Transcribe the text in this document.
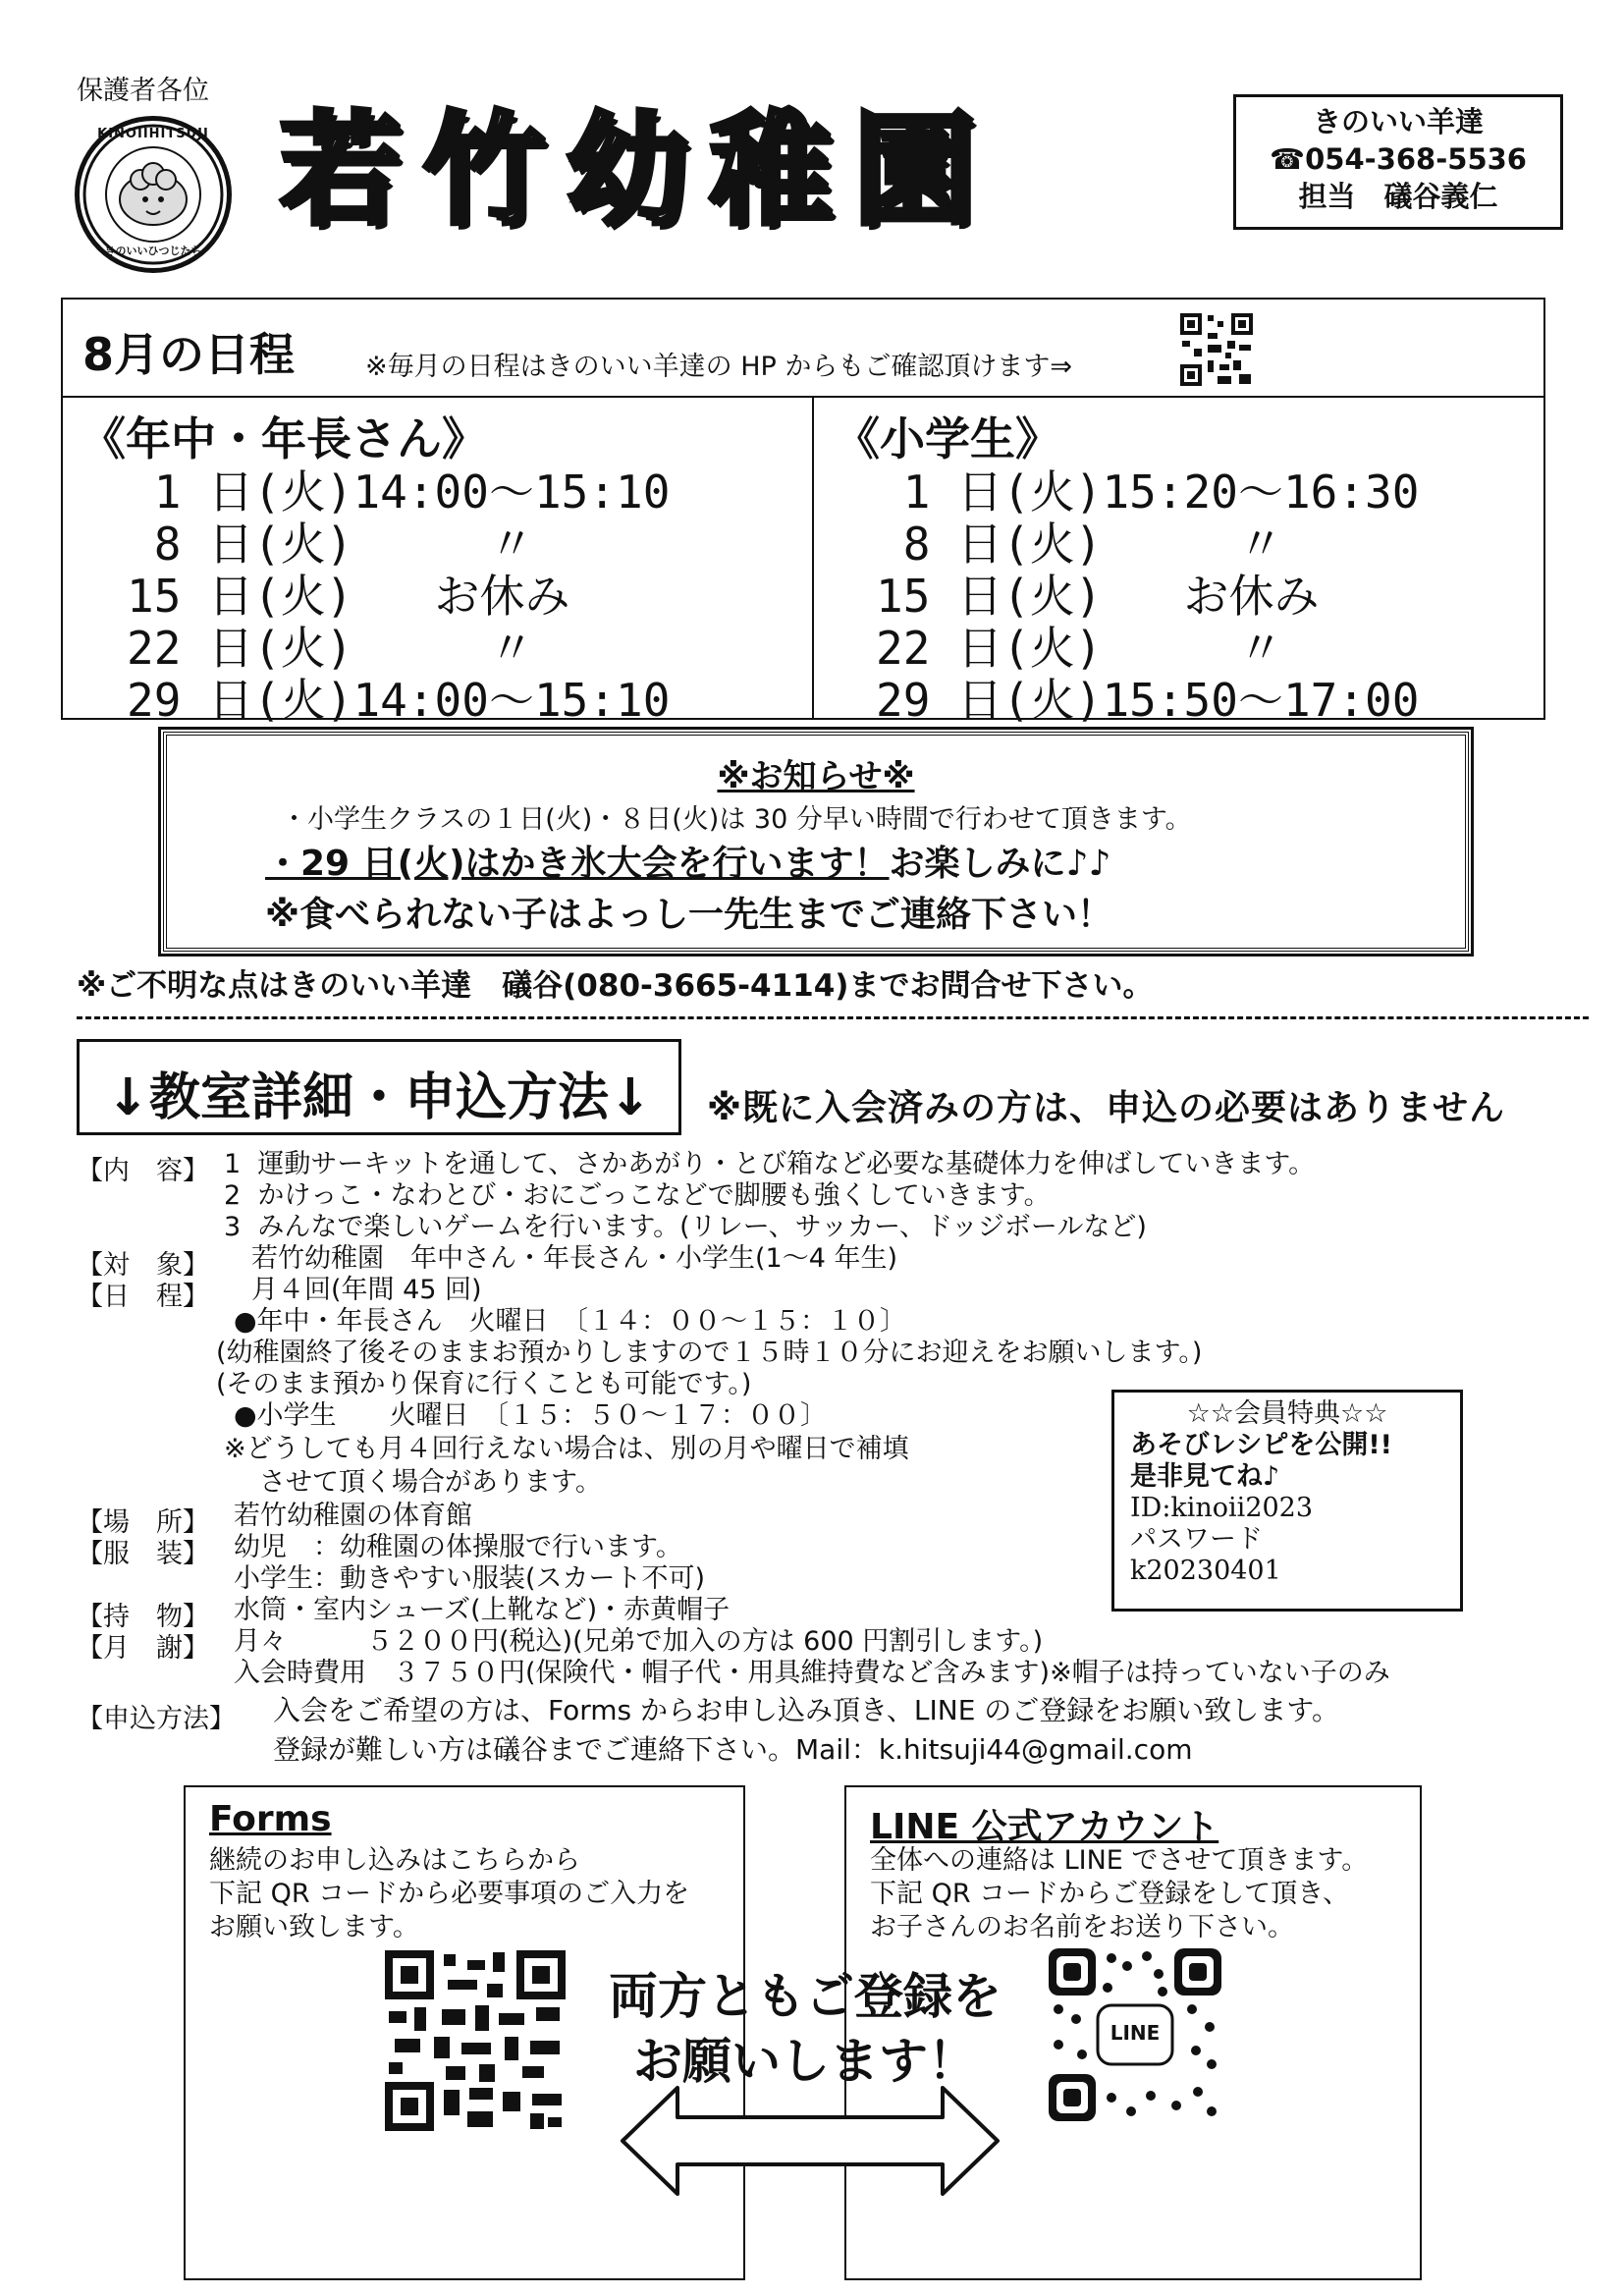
保護者各位
KINOIIHITSUJI
きのいいひつじたち
若竹幼稚園	きのいい羊達
☎054-368-5536
担当　礒谷義仁
8月の日程	※毎月の日程はきのいい羊達の HP からもご確認頂けます⇒
《年中・年長さん》
1 日(火)14:00～15:10
8 日(火)     〃
15 日(火)   お休み
22 日(火)     〃
29 日(火)14:00～15:10
《小学生》
1 日(火)15:20～16:30
8 日(火)     〃
15 日(火)   お休み
22 日(火)     〃
29 日(火)15:50～17:00
※お知らせ※
・小学生クラスの１日(火)・８日(火)は 30 分早い時間で行わせて頂きます。
・29 日(火)はかき氷大会を行います！お楽しみに♪♪
※食べられない子はよっし一先生までご連絡下さい！
※ご不明な点はきのいい羊達　礒谷(080-3665-4114)までお問合せ下さい。
↓教室詳細・申込方法↓	※既に入会済みの方は、申込の必要はありません
【内　容】 1  運動サーキットを通して、さかあがり・とび箱など必要な基礎体力を伸ばしていきます。
2  かけっこ・なわとび・おにごっこなどで脚腰も強くしていきます。
3  みんなで楽しいゲームを行います。(リレー、サッカー、ドッジボールなど)
【対　象】 若竹幼稚園　年中さん・年長さん・小学生(1～4 年生)
【日　程】 月４回(年間 45 回)
●年中・年長さん　火曜日　〔１４：００～１５：１０〕
(幼稚園終了後そのままお預かりしますので１５時１０分にお迎えをお願いします。)
(そのまま預かり保育に行くことも可能です。)
●小学生　　火曜日　〔１５：５０～１７：００〕
※どうしても月４回行えない場合は、別の月や曜日で補填
させて頂く場合があります。
【場　所】 若竹幼稚園の体育館
【服　装】 幼児　：幼稚園の体操服で行います。
小学生：動きやすい服装(スカート不可)
【持　物】 水筒・室内シューズ(上靴など)・赤黄帽子
【月　謝】 月々　　　５２００円(税込)(兄弟で加入の方は 600 円割引します。)
入会時費用　３７５０円(保険代・帽子代・用具維持費など含みます)※帽子は持っていない子のみ
【申込方法】 入会をご希望の方は、Forms からお申し込み頂き、LINE のご登録をお願い致します。
登録が難しい方は礒谷までご連絡下さい。Mail：k.hitsuji44@gmail.com
☆☆会員特典☆☆
あそびレシピを公開!!
是非見てね♪
ID:kinoii2023
パスワード
k20230401
Forms
継続のお申し込みはこちらから
下記 QR コードから必要事項のご入力を
お願い致します。
LINE 公式アカウント
全体への連絡は LINE でさせて頂きます。
下記 QR コードからご登録をして頂き、
お子さんのお名前をお送り下さい。
LINE
両方ともご登録を
お願いします！
